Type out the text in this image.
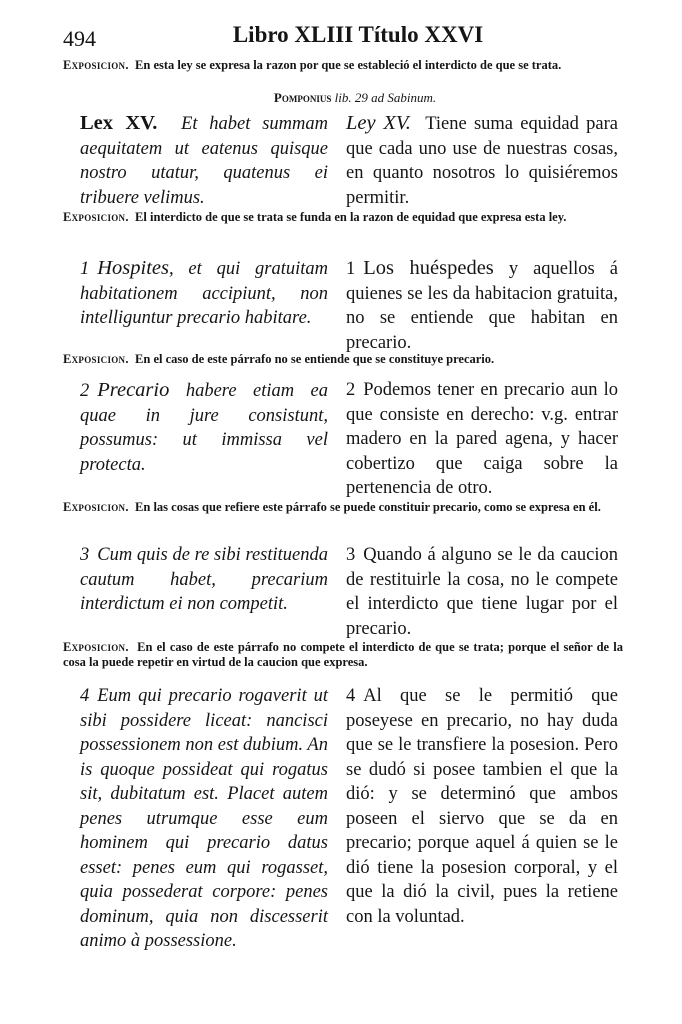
494	Libro XLIII Título XXVI
Exposicion. En esta ley se expresa la razon por que se estableció el interdicto de que se trata.
Pomponius lib. 29 ad Sabinum.
Lex XV. Et habet summam aequitatem ut eatenus quisque nostro utatur, quatenus ei tribuere velimus.
Ley XV. Tiene suma equidad para que cada uno use de nuestras cosas, en quanto nosotros lo quisiéremos permitir.
Exposicion. El interdicto de que se trata se funda en la razon de equidad que expresa esta ley.
1 Hospites, et qui gratuitam habitationem accipiunt, non intelliguntur precario habitare.
1 Los huéspedes y aquellos á quienes se les da habitacion gratuita, no se entiende que habitan en precario.
Exposicion. En el caso de este párrafo no se entiende que se constituye precario.
2 Precario habere etiam ea quae in jure consistunt, possumus: ut immissa vel protecta.
2 Podemos tener en precario aun lo que consiste en derecho: v.g. entrar madero en la pared agena, y hacer cobertizo que caiga sobre la pertenencia de otro.
Exposicion. En las cosas que refiere este párrafo se puede constituir precario, como se expresa en él.
3 Cum quis de re sibi restituenda cautum habet, precarium interdictum ei non competit.
3 Quando á alguno se le da caucion de restituirle la cosa, no le compete el interdicto que tiene lugar por el precario.
Exposicion. En el caso de este párrafo no compete el interdicto de que se trata; porque el señor de la cosa la puede repetir en virtud de la caucion que expresa.
4 Eum qui precario rogaverit ut sibi possidere liceat: nancisci possessionem non est dubium. An is quoque possideat qui rogatus sit, dubitatum est. Placet autem penes utrumque esse eum hominem qui precario datus esset: penes eum qui rogasset, quia possederat corpore: penes dominum, quia non discesserit animo à possessione.
4 Al que se le permitió que poseyese en precario, no hay duda que se le transfiere la posesion. Pero se dudó si posee tambien el que la dió: y se determinó que ambos poseen el siervo que se da en precario; porque aquel á quien se le dió tiene la posesion corporal, y el que la dió la civil, pues la retiene con la voluntad.
